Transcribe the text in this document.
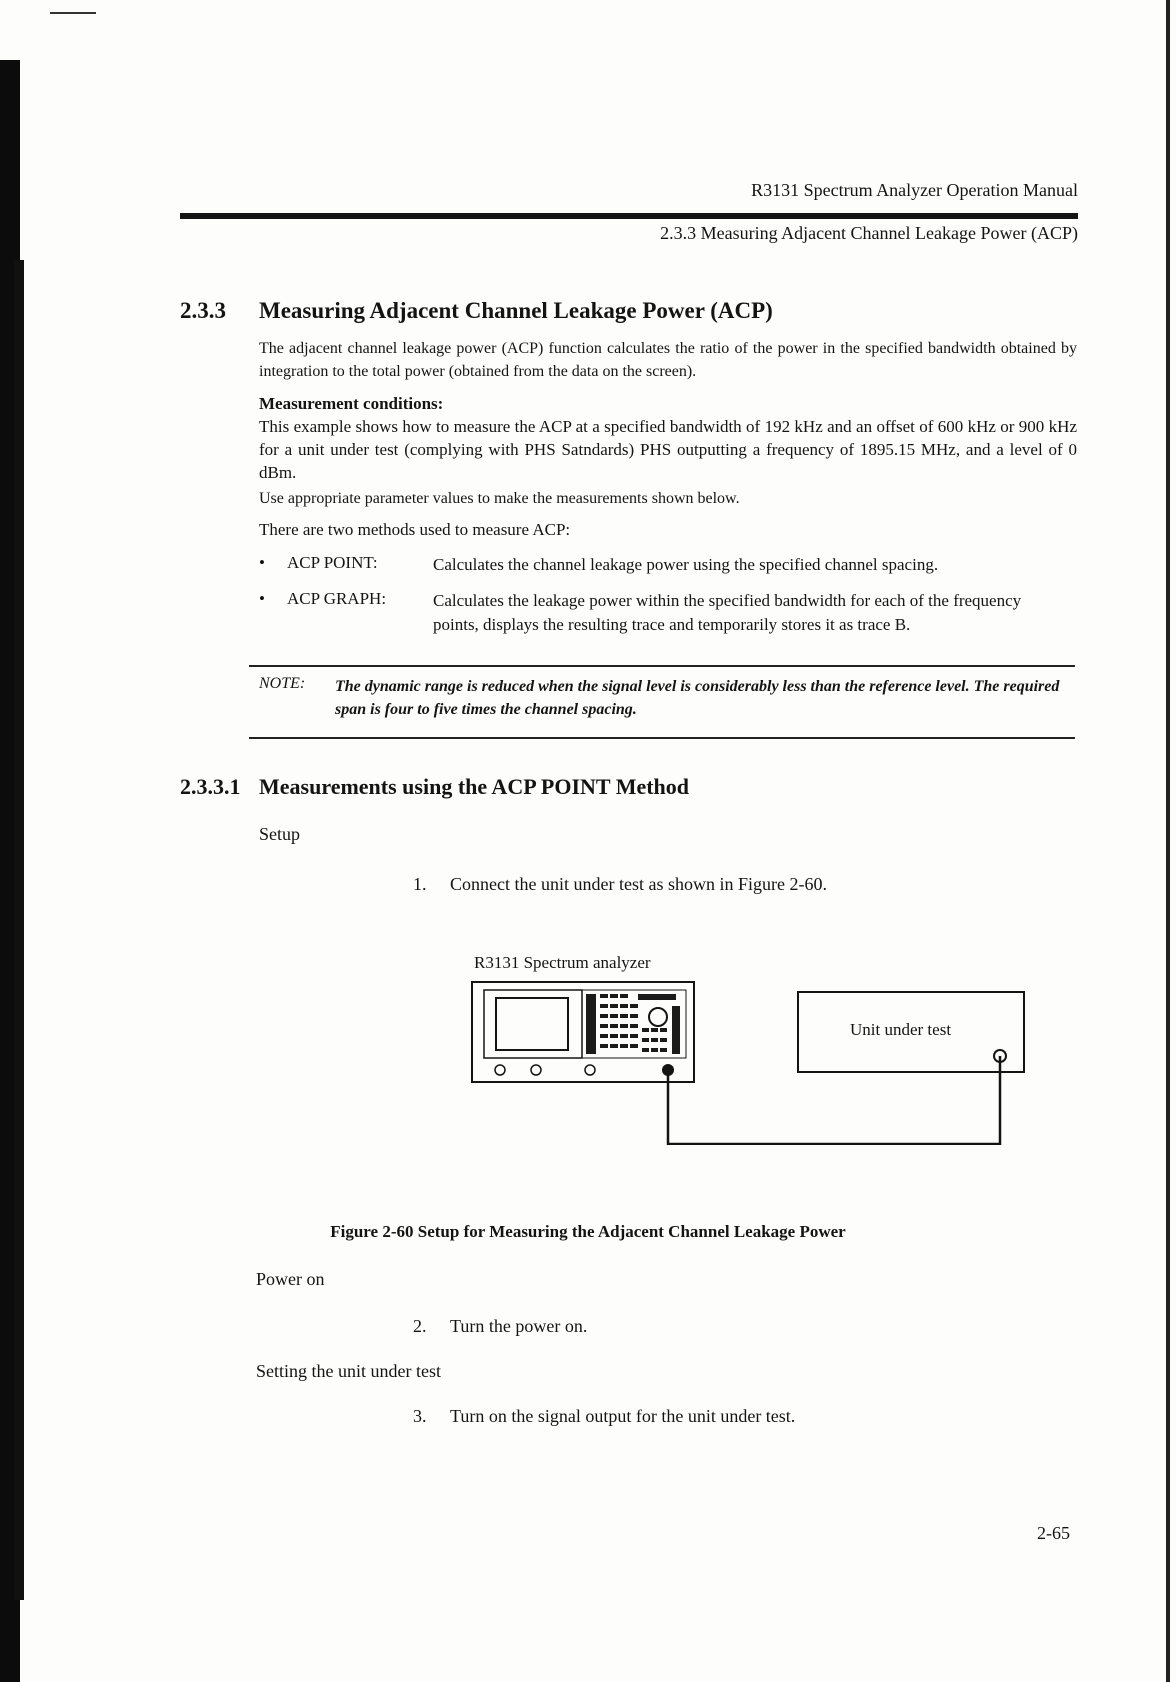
R3131 Spectrum Analyzer Operation Manual
2.3.3 Measuring Adjacent Channel Leakage Power (ACP)
2.3.3 Measuring Adjacent Channel Leakage Power (ACP)
The adjacent channel leakage power (ACP) function calculates the ratio of the power in the specified bandwidth obtained by integration to the total power (obtained from the data on the screen).
Measurement conditions:
This example shows how to measure the ACP at a specified bandwidth of 192 kHz and an offset of 600 kHz or 900 kHz for a unit under test (complying with PHS Satndards) PHS outputting a frequency of 1895.15 MHz, and a level of 0 dBm.
Use appropriate parameter values to make the measurements shown below.
There are two methods used to measure ACP:
• ACP POINT:	Calculates the channel leakage power using the specified channel spacing.
• ACP GRAPH:	Calculates the leakage power within the specified bandwidth for each of the frequency points, displays the resulting trace and temporarily stores it as trace B.
NOTE: The dynamic range is reduced when the signal level is considerably less than the reference level. The required span is four to five times the channel spacing.
2.3.3.1 Measurements using the ACP POINT Method
Setup
1. Connect the unit under test as shown in Figure 2-60.
R3131 Spectrum analyzer
Unit under test
Figure 2-60 Setup for Measuring the Adjacent Channel Leakage Power
Power on
2. Turn the power on.
Setting the unit under test
3. Turn on the signal output for the unit under test.
2-65
